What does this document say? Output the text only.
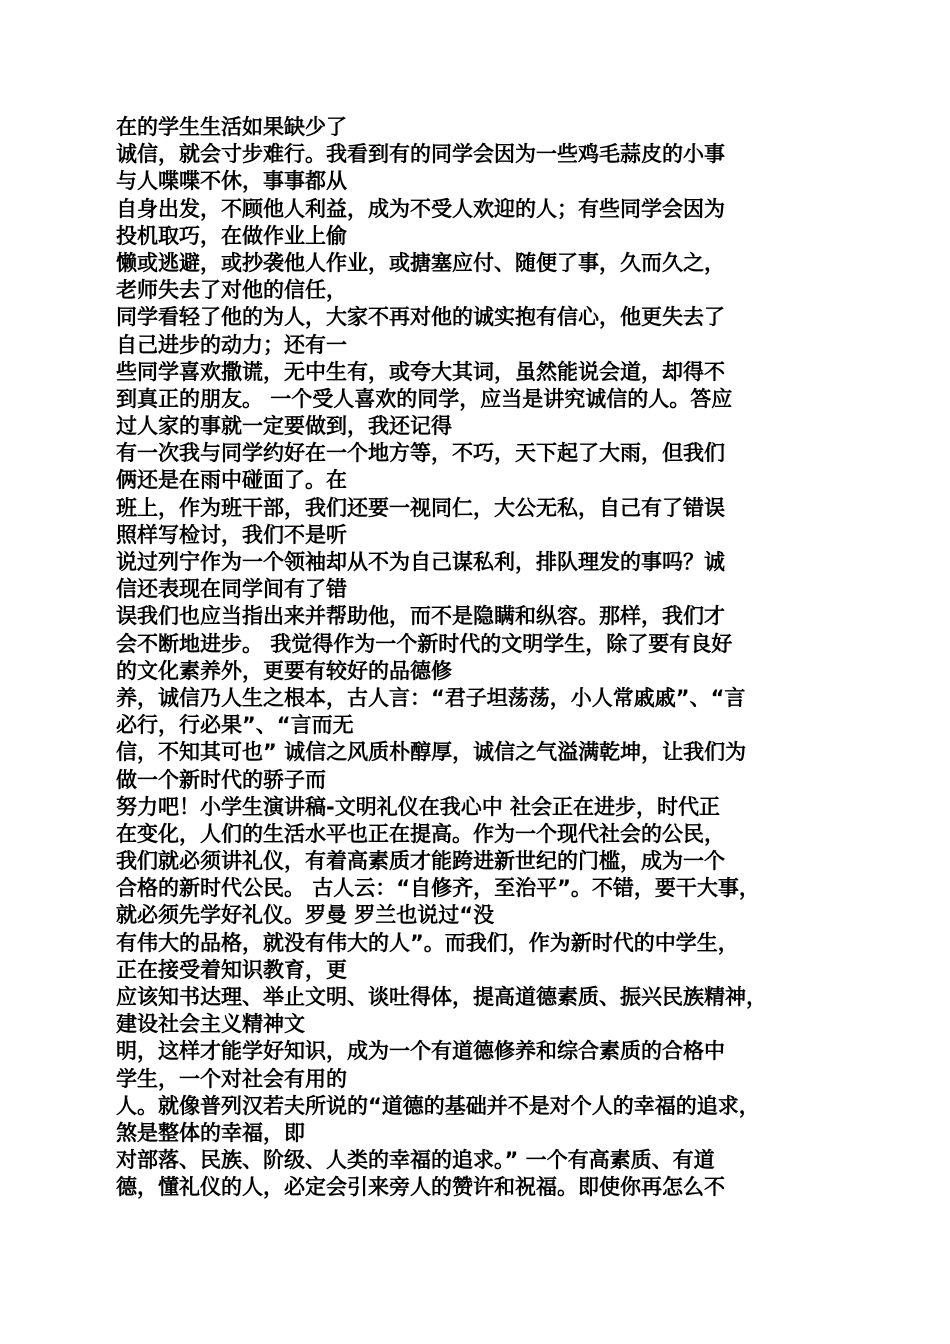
在的学生生活如果缺少了
诚信，就会寸步难行。我看到有的同学会因为一些鸡毛蒜皮的小事
与人喋喋不休，事事都从
自身出发，不顾他人利益，成为不受人欢迎的人；有些同学会因为
投机取巧，在做作业上偷
懒或逃避，或抄袭他人作业，或搪塞应付、随便了事，久而久之，
老师失去了对他的信任，
同学看轻了他的为人，大家不再对他的诚实抱有信心，他更失去了
自己进步的动力；还有一
些同学喜欢撒谎，无中生有，或夸大其词，虽然能说会道，却得不
到真正的朋友。 一个受人喜欢的同学，应当是讲究诚信的人。答应
过人家的事就一定要做到，我还记得
有一次我与同学约好在一个地方等，不巧，天下起了大雨，但我们
俩还是在雨中碰面了。在
班上，作为班干部，我们还要一视同仁，大公无私，自己有了错误
照样写检讨，我们不是听
说过列宁作为一个领袖却从不为自己谋私利，排队理发的事吗？诚
信还表现在同学间有了错
误我们也应当指出来并帮助他，而不是隐瞒和纵容。那样，我们才
会不断地进步。 我觉得作为一个新时代的文明学生，除了要有良好
的文化素养外，更要有较好的品德修
养，诚信乃人生之根本，古人言：“君子坦荡荡，小人常戚戚”、“言
必行，行必果”、“言而无
信，不知其可也” 诚信之风质朴醇厚，诚信之气溢满乾坤，让我们为
做一个新时代的骄子而
努力吧！小学生演讲稿-文明礼仪在我心中 社会正在进步，时代正
在变化，人们的生活水平也正在提高。作为一个现代社会的公民，
我们就必须讲礼仪，有着高素质才能跨进新世纪的门槛，成为一个
合格的新时代公民。 古人云：“自修齐，至治平”。不错，要干大事，
就必须先学好礼仪。罗曼 罗兰也说过“没
有伟大的品格，就没有伟大的人”。而我们，作为新时代的中学生，
正在接受着知识教育，更
应该知书达理、举止文明、谈吐得体，提高道德素质、振兴民族精神，
建设社会主义精神文
明，这样才能学好知识，成为一个有道德修养和综合素质的合格中
学生，一个对社会有用的
人。就像普列汉若夫所说的“道德的基础并不是对个人的幸福的追求，
煞是整体的幸福，即
对部落、民族、阶级、人类的幸福的追求。” 一个有高素质、有道
德，懂礼仪的人，必定会引来旁人的赞许和祝福。即使你再怎么不
